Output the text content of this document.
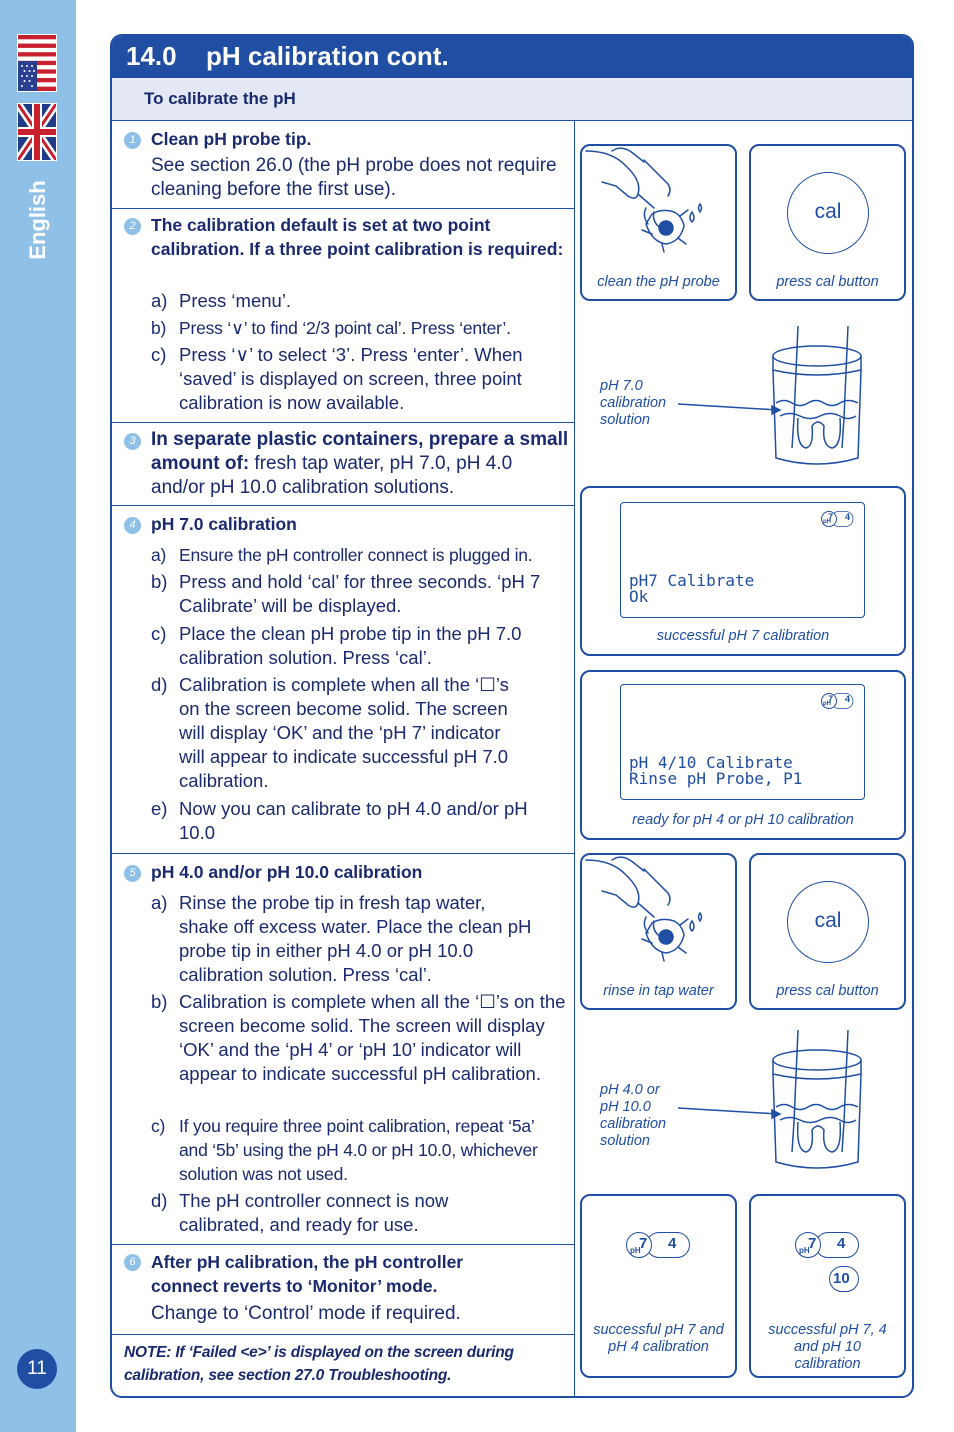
English
11
14.0 pH calibration cont.
To calibrate the pH
1 Clean pH probe tip.
See section 26.0 (the pH probe does not require cleaning before the first use).
2 The calibration default is set at two point calibration. If a three point calibration is required:
a) Press ‘menu’.
b) Press ‘∨’ to find ‘2/3 point cal’. Press ‘enter’.
c) Press ‘∨’ to select ‘3’. Press ‘enter’. When ‘saved’ is displayed on screen, three point calibration is now available.
3 In separate plastic containers, prepare a small amount of: fresh tap water, pH 7.0, pH 4.0 and/or pH 10.0 calibration solutions.
4 pH 7.0 calibration
a) Ensure the pH controller connect is plugged in.
b) Press and hold ‘cal’ for three seconds. ‘pH 7 Calibrate’ will be displayed.
c) Place the clean pH probe tip in the pH 7.0 calibration solution. Press ‘cal’.
d) Calibration is complete when all the ‘☐’s on the screen become solid. The screen will display ‘OK’ and the ‘pH 7’ indicator will appear to indicate successful pH 7.0 calibration.
e) Now you can calibrate to pH 4.0 and/or pH 10.0
5 pH 4.0 and/or pH 10.0 calibration
a) Rinse the probe tip in fresh tap water, shake off excess water. Place the clean pH probe tip in either pH 4.0 or pH 10.0 calibration solution. Press ‘cal’.
b) Calibration is complete when all the ‘☐’s on the screen become solid. The screen will display ‘OK’ and the ‘pH 4’ or ‘pH 10’ indicator will appear to indicate successful pH calibration.
c) If you require three point calibration, repeat ‘5a’ and ‘5b’ using the pH 4.0 or pH 10.0, whichever solution was not used.
d) The pH controller connect is now calibrated, and ready for use.
6 After pH calibration, the pH controller connect reverts to ‘Monitor’ mode.
Change to ‘Control’ mode if required.
NOTE: If ‘Failed <e>’ is displayed on the screen during calibration, see section 27.0 Troubleshooting.
clean the pH probe
cal
press cal button
pH 7.0 calibration solution
pH
7 4
pH7 Calibrate
Ok
successful pH 7 calibration
pH
7 4
pH 4/10 Calibrate
Rinse pH Probe, P1
ready for pH 4 or pH 10 calibration
rinse in tap water
cal
press cal button
pH 4.0 or pH 10.0 calibration solution
pH
7 4
successful pH 7 and pH 4 calibration
pH
7 4
10
successful pH 7, 4 and pH 10 calibration
